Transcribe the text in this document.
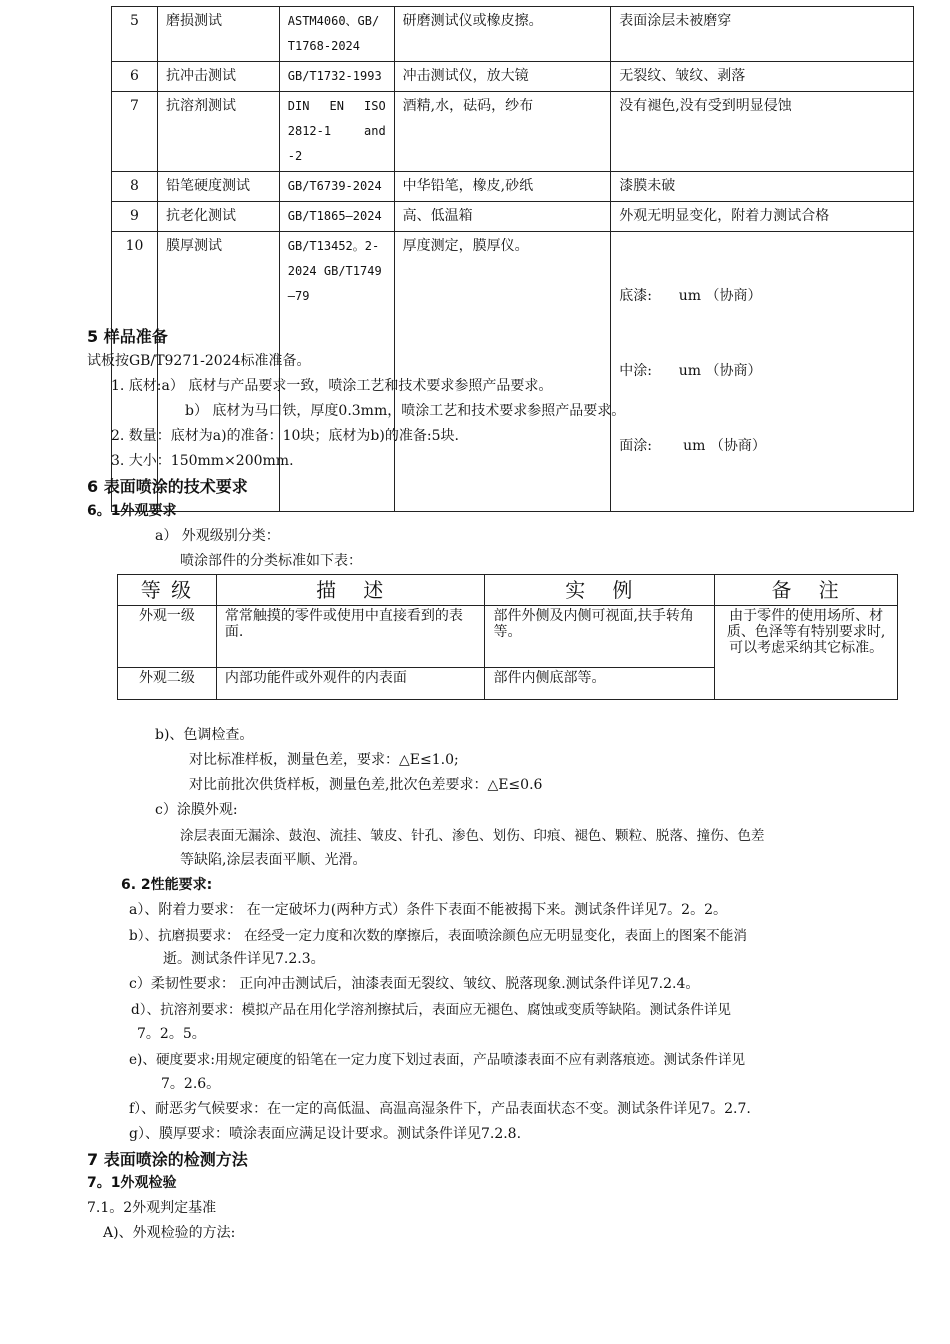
5	磨损测试	ASTM4060、GB/T1768-2024	研磨测试仪或橡皮擦。	表面涂层未被磨穿
6	抗冲击测试	GB/T1732-1993	冲击测试仪，放大镜	无裂纹、皱纹、剥落
7	抗溶剂测试	DIN EN ISO 2812-1 and -2	酒精,水，砝码，纱布	没有褪色,没有受到明显侵蚀
8	铅笔硬度测试	GB/T6739-2024	中华铅笔，橡皮,砂纸	漆膜未破
9	抗老化测试	GB/T1865—2024	高、低温箱	外观无明显变化，附着力测试合格
10	膜厚测试	GB/T13452。2-2024 GB/T1749—79	厚度测定，膜厚仪。	底漆:      um （协商）

中涂:      um （协商）

面涂:       um （协商）

5 样品准备
试板按GB/T9271-2024标准准备。
1. 底材:a） 底材与产品要求一致，喷涂工艺和技术要求参照产品要求。
b） 底材为马口铁，厚度0.3mm，喷涂工艺和技术要求参照产品要求。
2. 数量：底材为a)的准备：10块；底材为b)的准备:5块.
3. 大小：150mm×200mm.
6 表面喷涂的技术要求
6。1外观要求
a） 外观级别分类：
喷涂部件的分类标准如下表：
等 级	描   述	实   例	备   注
外观一级	常常触摸的零件或使用中直接看到的表面.	部件外侧及内侧可视面,扶手转角等。	由于零件的使用场所、材质、色泽等有特别要求时,可以考虑采纳其它标准。
外观二级	内部功能件或外观件的内表面	部件内侧底部等。	
b)、色调检查。
对比标准样板，测量色差，要求：△E≤1.0;
对比前批次供货样板，测量色差,批次色差要求：△E≤0.6
c）涂膜外观:
涂层表面无漏涂、鼓泡、流挂、皱皮、针孔、渗色、划伤、印痕、褪色、颗粒、脱落、撞伤、色差
等缺陷,涂层表面平顺、光滑。
6. 2性能要求:
a）、附着力要求： 在一定破坏力(两种方式）条件下表面不能被揭下来。测试条件详见7。2。2。
b）、抗磨损要求： 在经受一定力度和次数的摩擦后，表面喷涂颜色应无明显变化，表面上的图案不能消
逝。测试条件详见7.2.3。
c）柔韧性要求： 正向冲击测试后，油漆表面无裂纹、皱纹、脱落现象.测试条件详见7.2.4。
d）、抗溶剂要求：模拟产品在用化学溶剂擦拭后，表面应无褪色、腐蚀或变质等缺陷。测试条件详见
7。2。5。
e)、硬度要求:用规定硬度的铅笔在一定力度下划过表面，产品喷漆表面不应有剥落痕迹。测试条件详见
7。2.6。
f）、耐恶劣气候要求：在一定的高低温、高温高湿条件下，产品表面状态不变。测试条件详见7。2.7.
g）、膜厚要求：喷涂表面应满足设计要求。测试条件详见7.2.8.
7 表面喷涂的检测方法
7。1外观检验
7.1。2外观判定基准
A)、外观检验的方法:
